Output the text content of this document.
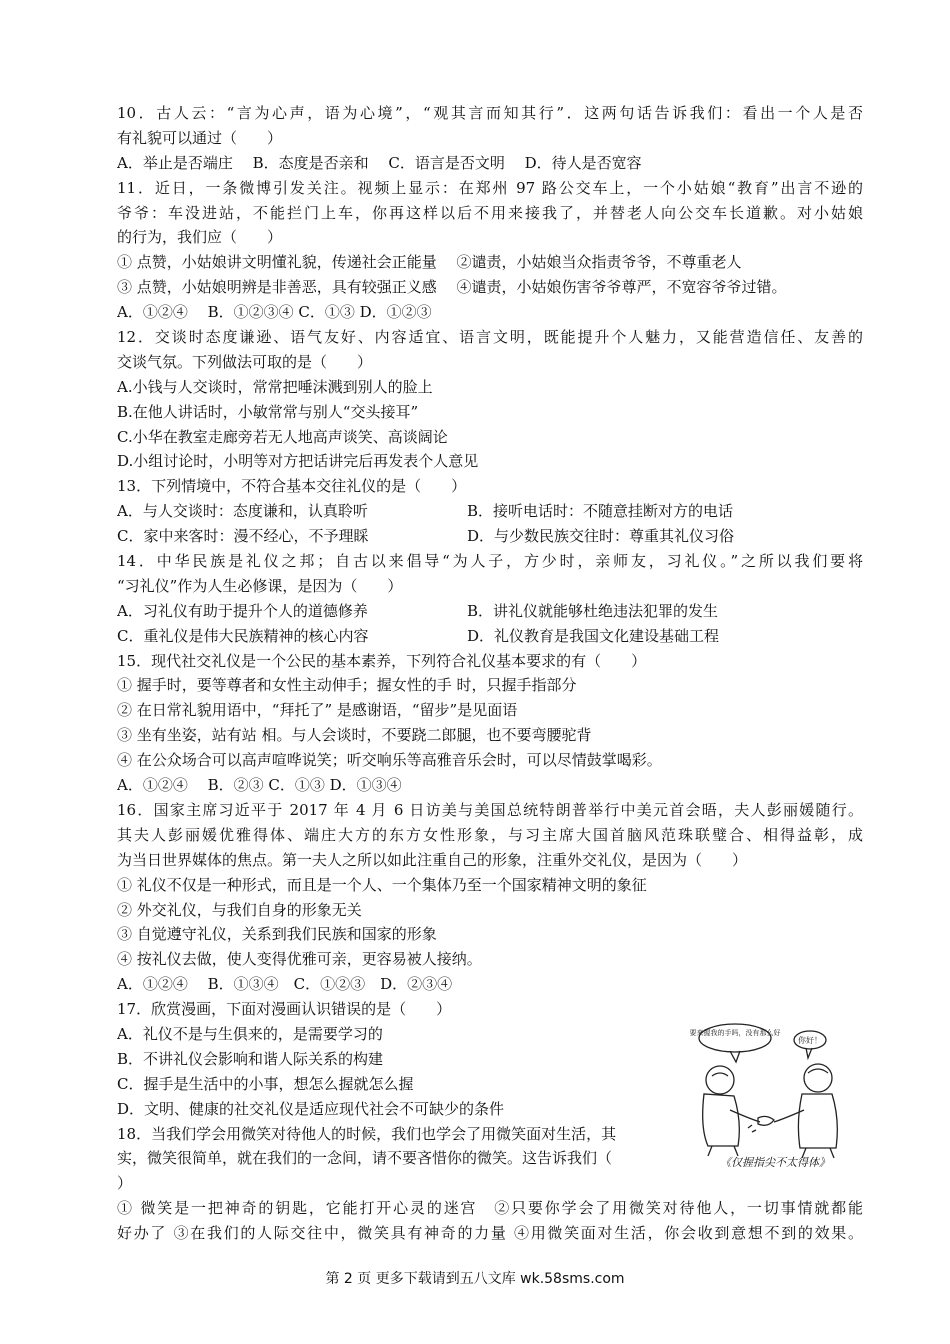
10．古人云：“言为心声，语为心境”，“观其言而知其行”．这两句话告诉我们：看出一个人是否
有礼貌可以通过（　　）
A．举止是否端庄　 B．态度是否亲和　 C．语言是否文明　 D．待人是否宽容
11．近日，一条微博引发关注。视频上显示：在郑州 97 路公交车上，一个小姑娘“教育”出言不逊的
爷爷：车没进站，不能拦门上车，你再这样以后不用来接我了，并替老人向公交车长道歉。对小姑娘
的行为，我们应（　　）
① 点赞，小姑娘讲文明懂礼貌，传递社会正能量　 ②谴责，小姑娘当众指责爷爷，不尊重老人
③ 点赞，小姑娘明辨是非善恶，具有较强正义感　 ④谴责，小姑娘伤害爷爷尊严，不宽容爷爷过错。
A．①②④　 B．①②③④ C．①③ D．①②③
12．交谈时态度谦逊、语气友好、内容适宜、语言文明，既能提升个人魅力，又能营造信任、友善的
交谈气氛。下列做法可取的是（　　）
A.小钱与人交谈时，常常把唾沫溅到别人的脸上
B.在他人讲话时，小敏常常与别人“交头接耳”
C.小华在教室走廊旁若无人地高声谈笑、高谈阔论
D.小组讨论时，小明等对方把话讲完后再发表个人意见
13．下列情境中，不符合基本交往礼仪的是（　　）
A．与人交谈时：态度谦和，认真聆听	B．接听电话时：不随意挂断对方的电话
C．家中来客时：漫不经心，不予理睬	D．与少数民族交往时：尊重其礼仪习俗
14．中华民族是礼仪之邦；自古以来倡导“为人子，方少时，亲师友，习礼仪。”之所以我们要将
“习礼仪”作为人生必修课，是因为（　　）
A．习礼仪有助于提升个人的道德修养	B．讲礼仪就能够杜绝违法犯罪的发生
C．重礼仪是伟大民族精神的核心内容	D．礼仪教育是我国文化建设基础工程
15．现代社交礼仪是一个公民的基本素养，下列符合礼仪基本要求的有（　　）
① 握手时，要等尊者和女性主动伸手；握女性的手 时，只握手指部分
② 在日常礼貌用语中，“拜托了” 是感谢语，“留步”是见面语
③ 坐有坐姿，站有站 相。与人会谈时，不要跷二郎腿，也不要弯腰驼背
④ 在公众场合可以高声喧哗说笑；听交响乐等高雅音乐会时，可以尽情鼓掌喝彩。
A．①②④　 B．②③ C．①③ D．①③④
16．国家主席习近平于 2017 年 4 月 6 日访美与美国总统特朗普举行中美元首会晤，夫人彭丽媛随行。
其夫人彭丽媛优雅得体、端庄大方的东方女性形象，与习主席大国首脑风范珠联璧合、相得益彰，成
为当日世界媒体的焦点。第一夫人之所以如此注重自己的形象，注重外交礼仪，是因为（　　）
① 礼仪不仅是一种形式，而且是一个人、一个集体乃至一个国家精神文明的象征
② 外交礼仪，与我们自身的形象无关
③ 自觉遵守礼仪，关系到我们民族和国家的形象
④ 按礼仪去做，使人变得优雅可亲，更容易被人接纳。
A．①②④　 B．①③④　C．①②③　D．②③④
17．欣赏漫画，下面对漫画认识错误的是（　　）
A．礼仪不是与生俱来的，是需要学习的
B．不讲礼仪会影响和谐人际关系的构建
C．握手是生活中的小事，想怎么握就怎么握
D．文明、健康的社交礼仪是适应现代社会不可缺少的条件
18．当我们学会用微笑对待他人的时候，我们也学会了用微笑面对生活，其
实，微笑很简单，就在我们的一念间，请不要吝惜你的微笑。这告诉我们（
）
① 微笑是一把神奇的钥匙，它能打开心灵的迷宫　②只要你学会了用微笑对待他人，一切事情就都能
好办了 ③在我们的人际交往中，微笑具有神奇的力量 ④用微笑面对生活，你会收到意想不到的效果。
要来握我的手吗，没有那么好
你好！
《仅握指尖不太得体》
第 2 页 更多下载请到五八文库 wk.58sms.com
